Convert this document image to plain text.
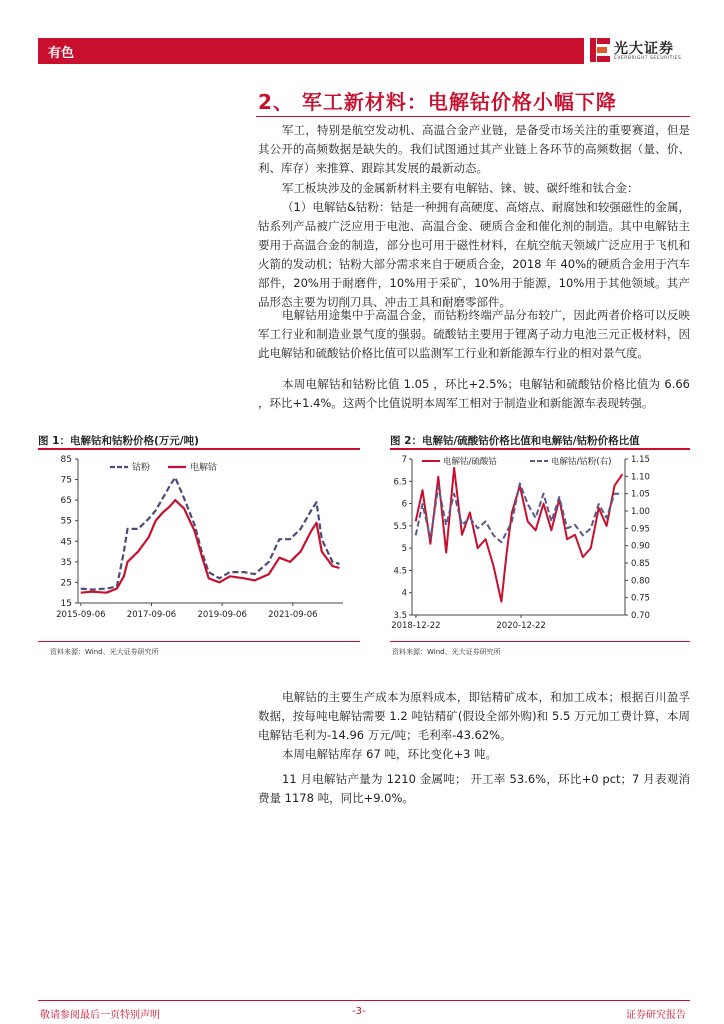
有色	光大证券
EVERBRIGHT SECURITIES
2、 军工新材料：电解钴价格小幅下降
军工，特别是航空发动机、高温合金产业链，是备受市场关注的重要赛道，但是其公开的高频数据是缺失的。我们试图通过其产业链上各环节的高频数据（量、价、利、库存）来推算、跟踪其发展的最新动态。
军工板块涉及的金属新材料主要有电解钴、铼、铍、碳纤维和钛合金：
（1）电解钴&钴粉：钴是一种拥有高硬度、高熔点、耐腐蚀和较强磁性的金属，钴系列产品被广泛应用于电池、高温合金、硬质合金和催化剂的制造。其中电解钴主要用于高温合金的制造，部分也可用于磁性材料，在航空航天领域广泛应用于飞机和火箭的发动机；钴粉大部分需求来自于硬质合金，2018 年 40%的硬质合金用于汽车部件，20%用于耐磨件，10%用于采矿，10%用于能源，10%用于其他领域。其产品形态主要为切削刀具、冲击工具和耐磨零部件。
电解钴用途集中于高温合金，而钴粉终端产品分布较广，因此两者价格可以反映军工行业和制造业景气度的强弱。硫酸钴主要用于锂离子动力电池三元正极材料，因此电解钴和硫酸钴价格比值可以监测军工行业和新能源车行业的相对景气度。
本周电解钴和钴粉比值 1.05 ，环比+2.5%；电解钴和硫酸钴价格比值为 6.66 ，环比+1.4%。这两个比值说明本周军工相对于制造业和新能源车表现转强。
图 1：电解钴和钴粉价格(万元/吨)
15
25
35
45
55
65
75
85
2015-09-06	2017-09-06	2019-09-06	2021-09-06
钴粉	电解钴
资料来源：Wind、光大证券研究所
图 2：电解钴/硫酸钴价格比值和电解钴/钴粉价格比值
3.5
4
4.5
5
5.5
6
6.5
7
0.70
0.75
0.80
0.85
0.90
0.95
1.00
1.05
1.10
1.15
2018-12-22	2020-12-22
电解钴/硫酸钴	电解钴/钴粉(右)
资料来源：Wind、光大证券研究所
电解钴的主要生产成本为原料成本，即钴精矿成本，和加工成本；根据百川盈孚数据，按每吨电解钴需要 1.2 吨钴精矿(假设全部外购)和 5.5 万元加工费计算，本周电解钴毛利为-14.96 万元/吨；毛利率-43.62%。
本周电解钴库存 67 吨，环比变化+3 吨。
11 月电解钴产量为 1210 金属吨； 开工率 53.6%，环比+0 pct；7 月表观消费量 1178 吨，同比+9.0%。
敬请参阅最后一页特别声明	-3-	证券研究报告
